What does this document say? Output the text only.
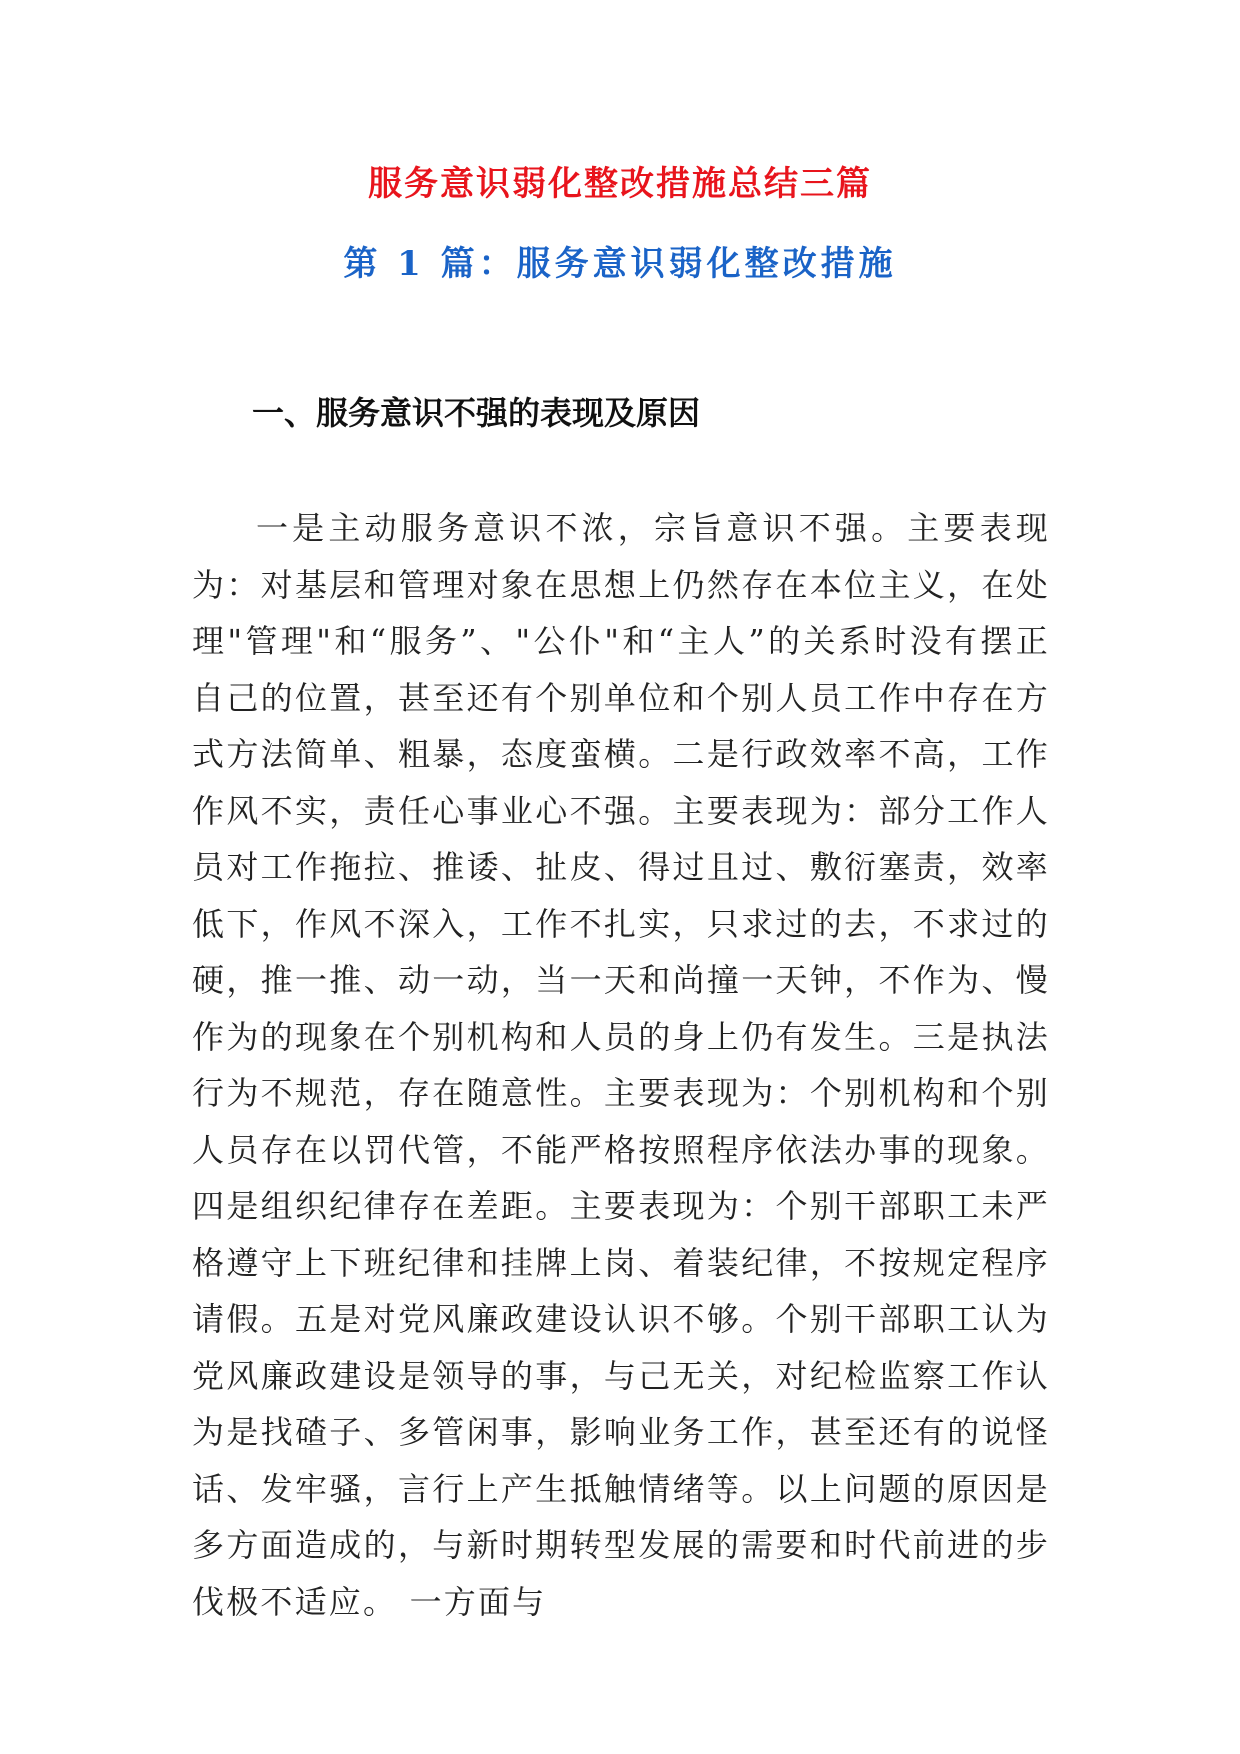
服务意识弱化整改措施总结三篇
第 1 篇：服务意识弱化整改措施
一、服务意识不强的表现及原因

一是主动服务意识不浓，宗旨意识不强。主要表现为：对基层和管理对象在思想上仍然存在本位主义，在处理"管理"和“服务”、"公仆"和“主人”的关系时没有摆正自己的位置，甚至还有个别单位和个别人员工作中存在方式方法简单、粗暴，态度蛮横。二是行政效率不高，工作作风不实，责任心事业心不强。主要表现为：部分工作人员对工作拖拉、推诿、扯皮、得过且过、敷衍塞责，效率低下，作风不深入，工作不扎实，只求过的去，不求过的硬，推一推、动一动，当一天和尚撞一天钟，不作为、慢作为的现象在个别机构和人员的身上仍有发生。三是执法行为不规范，存在随意性。主要表现为：个别机构和个别人员存在以罚代管，不能严格按照程序依法办事的现象。四是组织纪律存在差距。主要表现为：个别干部职工未严格遵守上下班纪律和挂牌上岗、着装纪律，不按规定程序请假。五是对党风廉政建设认识不够。个别干部职工认为党风廉政建设是领导的事，与己无关，对纪检监察工作认为是找碴子、多管闲事，影响业务工作，甚至还有的说怪话、发牢骚，言行上产生抵触情绪等。以上问题的原因是多方面造成的，与新时期转型发展的需要和时代前进的步伐极不适应。 一方面与
